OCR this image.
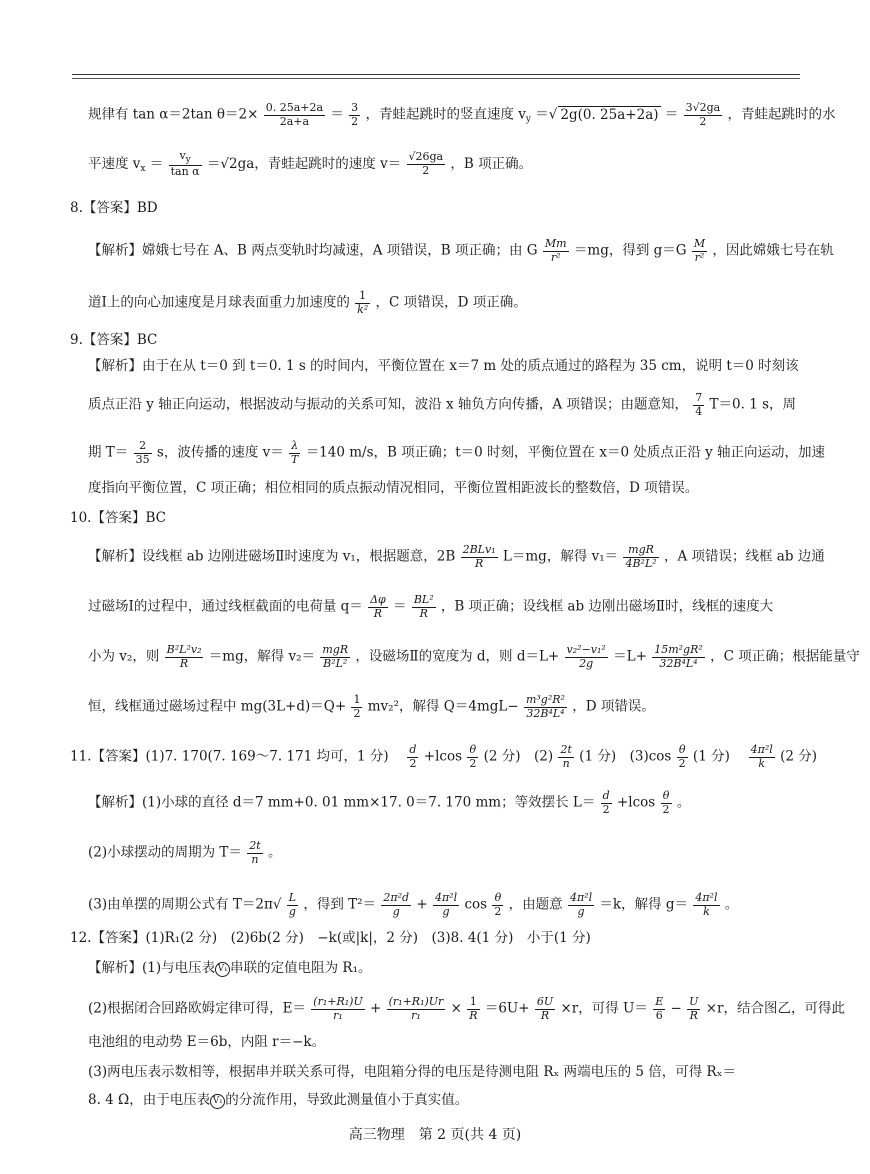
规律有 tan α＝2tan $\theta=2\times \frac{0. 25a+2a}{2a+a} = \frac{3}{2}$ ，青蛙起跳时的竖直速度 $v_y$ ＝√ 2g(0. $25a+2a) = \frac{3√2ga}{2}$ ，青蛙起跳时的水
平速度 $v_x = \frac{v_y}{\text{tan α}} =√2ga$，青蛙起跳时的速度 $v= \frac{√26ga}{2}$ ，B 项正确。
8.【答案】BD
【解析】嫦娥七号在 A、B 两点变轨时均减速，A 项错误，B 项正确；由 G $\frac{Mm}{\text{r²}} =mg$，得到 $g=G \frac{M}{\text{r²}}$ ，因此嫦娥七号在轨
道Ⅰ上的向心加速度是月球表面重力加速度的 $\frac{1}{\text{k²}}$ ，C 项错误，D 项正确。
9.【答案】BC
【解析】由于在从 t＝0 到 t＝0. 1 s 的时间内，平衡位置在 x＝7 m 处的质点通过的路程为 35 cm，说明 t＝0 时刻该
质点正沿 y 轴正向运动，根据波动与振动的关系可知，波沿 x 轴负方向传播，A 项错误；由题意知， $\frac{7}{4} T=0$. 1 s，周
期 $T= \frac{2}{35}$ s，波传播的速度 $v= \frac{\lambda}{T} =140$ m/s，B 项正确；t＝0 时刻，平衡位置在 x＝0 处质点正沿 y 轴正向运动，加速
度指向平衡位置，C 项正确；相位相同的质点振动情况相同，平衡位置相距波长的整数倍，D 项错误。
10.【答案】BC
【解析】设线框 ab 边刚进磁场Ⅱ时速度为 v₁，根据题意，$2B \frac{\text{2BLv₁}}{R} L=mg$，解得 $v_1= \frac{\text{mgR}}{\text{4B²L²}}$ ，A 项错误；线框 ab 边通
过磁场Ⅰ的过程中，通过线框截面的电荷量 $q= \frac{\Delta\varphi}{R} = \frac{\text{BL²}}{R}$ ，B 项正确；设线框 ab 边刚出磁场Ⅱ时，线框的速度大
小为 v₂，则 $\frac{\text{B²L²v₂}}{R} =mg$，解得 $v_2= \frac{\text{mgR}}{\text{B²L²}}$ ，设磁场Ⅱ的宽度为 d，则 $d=L+ \frac{\text{v₂²−v₁²}}{2g} =L+ \frac{\text{15m²gR²}}{\text{32B⁴L⁴}}$ ，C 项正确；根据能量守
恒，线框通过磁场过程中 $mg(3L+d)=Q+ \frac{1}{2} mv_2^2$，解得 $Q=4mgL- \frac{\text{m³g²R²}}{\text{32B⁴L⁴}}$ ，D 项错误。
11.【答案】(1)7. 170(7. 169～7. 171 均可，1 分)　 $\frac{d}{2} +lcos \frac{\theta}{2} (2$ 分)　$(2) \frac{2t}{n} (1$ 分)　$(3)\cos \frac{\theta}{2} (1$ 分)　 $\frac{\text{4π²l}}{k} (2$ 分)
【解析】(1)小球的直径 d＝7 mm+0. 01 mm×17. 0＝7. 170 mm；等效摆长 $L= \frac{d}{2} +lcos \frac{\theta}{2}$ 。
(2)小球摆动的周期为 $T= \frac{2t}{n}$ 。
(3)由单摆的周期公式有 $T=2\pi√ \frac{L}{g}$ ，得到 $T^2= \frac{\text{2π²d}}{g} + \frac{\text{4π²l}}{g}$ $\cos \frac{\theta}{2}$ ，由题意 $\frac{\text{4π²l}}{g} =k$，解得 $g= \frac{\text{4π²l}}{k}$ 。
12.【答案】(1)R₁(2 分)　(2)6b(2 分)　−k(或|k|，2 分)　(3)8. 4(1 分)　小于(1 分)
【解析】(1)与电压表 V₁ 串联的定值电阻为 R₁。
(2)根据闭合回路欧姆定律可得，$E= \frac{\text{(r₁+R₁)U}}{\text{r₁}} + \frac{\text{(r₁+R₁)Ur}}{\text{r₁}} \times \frac{1}{R} =6U+ \frac{6U}{R} \times r$，可得 $U= \frac{E}{6} - \frac{U}{R} \times r$，结合图乙，可得此
电池组的电动势 E＝6b，内阻 r＝−k。
(3)两电压表示数相等，根据串并联关系可得，电阻箱分得的电压是待测电阻 Rₓ 两端电压的 5 倍，可得 Rₓ＝
8. 4 Ω，由于电压表 V₁ 的分流作用，导致此测量值小于真实值。
高三物理　第 2 页(共 4 页)
